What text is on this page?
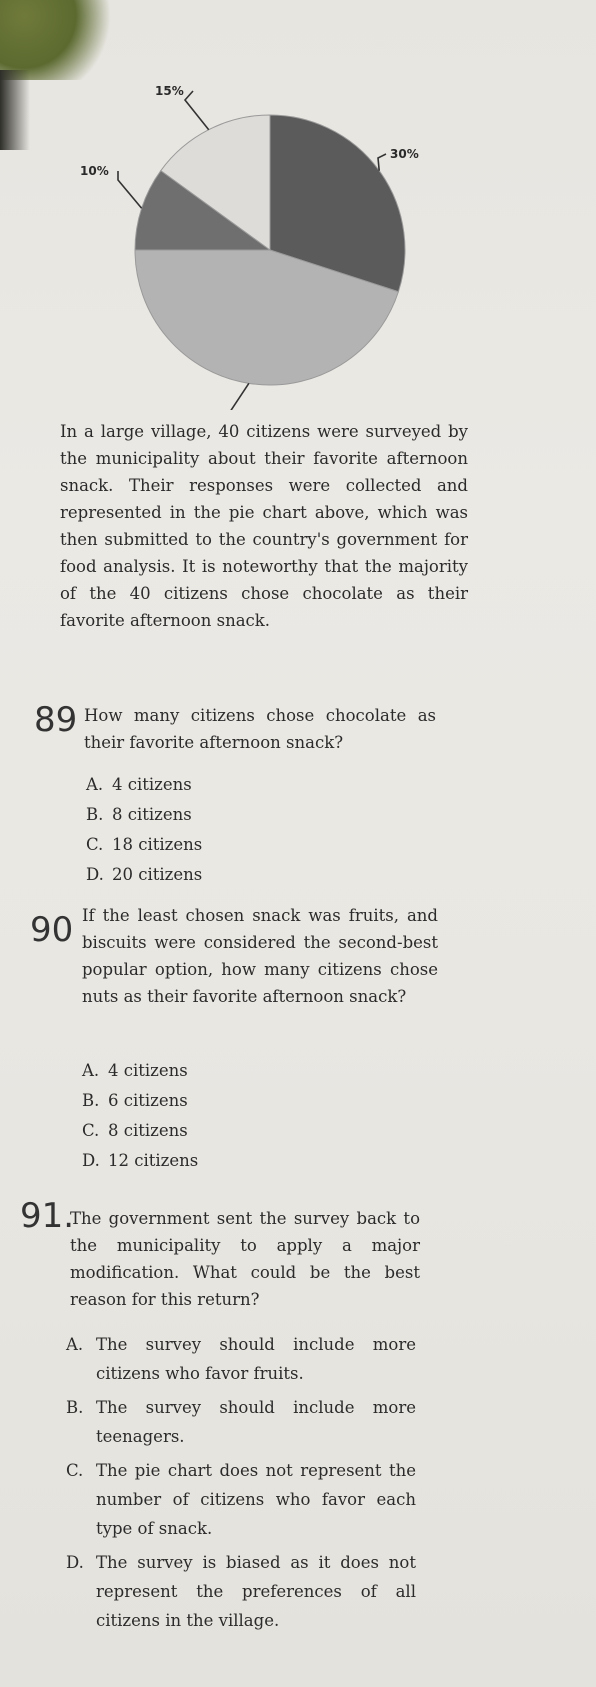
30%
10%
15%
In a large village, 40 citizens were surveyed by the municipality about their favorite afternoon snack. Their responses were collected and represented in the pie chart above, which was then submitted to the country's government for food analysis. It is noteworthy that the majority of the 40 citizens chose chocolate as their favorite afternoon snack.
89 How many citizens chose chocolate as their favorite afternoon snack?
A. 4 citizens
B. 8 citizens
C. 18 citizens
D. 20 citizens
90 If the least chosen snack was fruits, and biscuits were considered the second-best popular option, how many citizens chose nuts as their favorite afternoon snack?
A. 4 citizens
B. 6 citizens
C. 8 citizens
D. 12 citizens
91.
The government sent the survey back to the municipality to apply a major modification. What could be the best reason for this return?
A. The survey should include more citizens who favor fruits.
B. The survey should include more teenagers.
C. The pie chart does not represent the number of citizens who favor each type of snack.
D. The survey is biased as it does not represent the preferences of all citizens in the village.
